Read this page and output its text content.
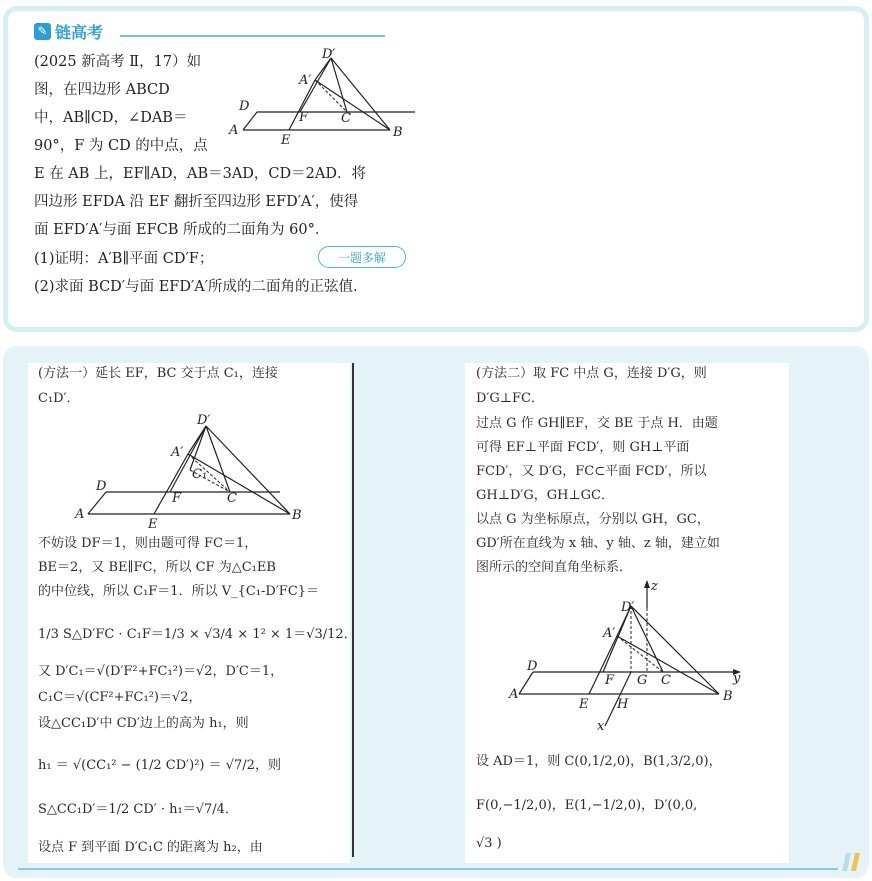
✎ 链高考
(2025 新高考 Ⅱ，17）如
图，在四边形 ABCD
中，AB∥CD，∠DAB＝
90°，F 为 CD 的中点，点
E 在 AB 上，EF∥AD，AB＝3AD，CD＝2AD．将
四边形 EFDA 沿 EF 翻折至四边形 EFD′A′，使得
面 EFD′A′与面 EFCB 所成的二面角为 60°．
(1)证明：A′B∥平面 CD′F；
(2)求面 BCD′与面 EFD′A′所成的二面角的正弦值.
一题多解
D′
A′
D
A
F	C
E
B
(方法一）延长 EF，BC 交于点 C₁，连接
C₁D′．
D′
A′
C₁
D
F	C
A
E
B
不妨设 DF＝1，则由题可得 FC＝1，
BE＝2，又 BE∥FC，所以 CF 为△C₁EB
的中位线，所以 C₁F＝1．所以 V_{C₁-D′FC}＝
1/3 S△D′FC · C₁F＝1/3 × √3/4 × 1² × 1＝√3/12．
又 D′C₁＝√(D′F²+FC₁²)＝√2，D′C＝1，
C₁C＝√(CF²+FC₁²)＝√2，
设△CC₁D′中 CD′边上的高为 h₁，则
h₁ ＝ √(CC₁² − (1/2 CD′)²) ＝ √7/2，则
S△CC₁D′＝1/2 CD′ · h₁＝√7/4．
设点 F 到平面 D′C₁C 的距离为 h₂，由
(方法二）取 FC 中点 G，连接 D′G，则
D′G⊥FC．
过点 G 作 GH∥EF，交 BE 于点 H．由题
可得 EF⊥平面 FCD′，则 GH⊥平面
FCD′，又 D′G，FC⊂平面 FCD′，所以
GH⊥D′G，GH⊥GC．
以点 G 为坐标原点，分别以 GH，GC，
GD′所在直线为 x 轴、y 轴、z 轴，建立如
图所示的空间直角坐标系．
z
D′
A′
D
y
F G C
A
E H
B
x
设 AD＝1，则 C(0,1/2,0)，B(1,3/2,0)，
F(0,−1/2,0)，E(1,−1/2,0)，D′(0,0,
√3 )
